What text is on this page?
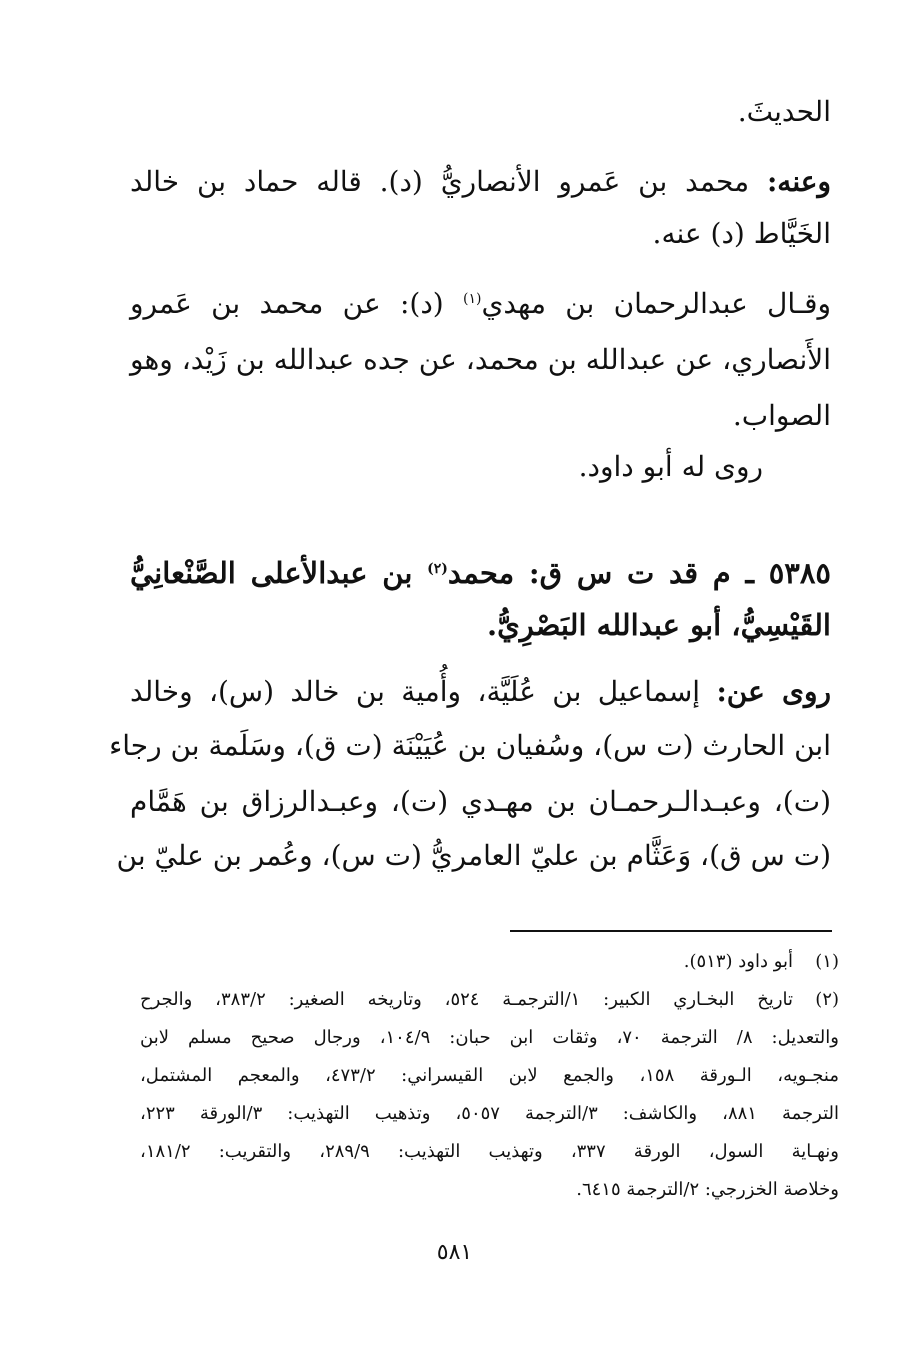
الحديثَ.
وعنه: محمد بن عَمرو الأنصاريُّ (د). قاله حماد بن خالد
الخَيَّاط (د) عنه.
وقـال عبدالرحمان بن مهدي$^{(١)}$ (د): عن محمد بن عَمرو
الأَنصاري، عن عبدالله بن محمد، عن جده عبدالله بن زَيْد، وهو
الصواب.
روى له أبو داود.
٥٣٨٥ ـ م قد ت س ق: محمد$^{(٢)}$ بن عبدالأعلى الصَّنْعانِيُّ
القَيْسِيُّ، أبو عبدالله البَصْرِيُّ.
روى عن: إسماعيل بن عُلَيَّة، وأُمية بن خالد (س)، وخالد
ابن الحارث (ت س)، وسُفيان بن عُيَيْنَة (ت ق)، وسَلَمة بن رجاء
(ت)، وعبـدالـرحمـان بن مهـدي (ت)، وعبـدالرزاق بن هَمَّام
(ت س ق)، وَعَثَّام بن عليّ العامريُّ (ت س)، وعُمر بن عليّ بن
(١)أبو داود (٥١٣).
(٢)تاريخ البخـاري الكبير: ١/الترجمـة ٥٢٤، وتاريخه الصغير: ٣٨٣/٢، والجرح
والتعديل: ٨/ الترجمة ٧٠، وثقات ابن حبان: ١٠٤/٩، ورجال صحيح مسلم لابن
منجـويه، الـورقة ١٥٨، والجمع لابن القيسراني: ٤٧٣/٢، والمعجم المشتمل،
الترجمة ٨٨١، والكاشف: ٣/الترجمة ٥٠٥٧، وتذهيب التهذيب: ٣/الورقة ٢٢٣،
ونهـاية السول، الورقة ٣٣٧، وتهذيب التهذيب: ٢٨٩/٩، والتقريب: ١٨١/٢،
وخلاصة الخزرجي: ٢/الترجمة ٦٤١٥.
٥٨١
